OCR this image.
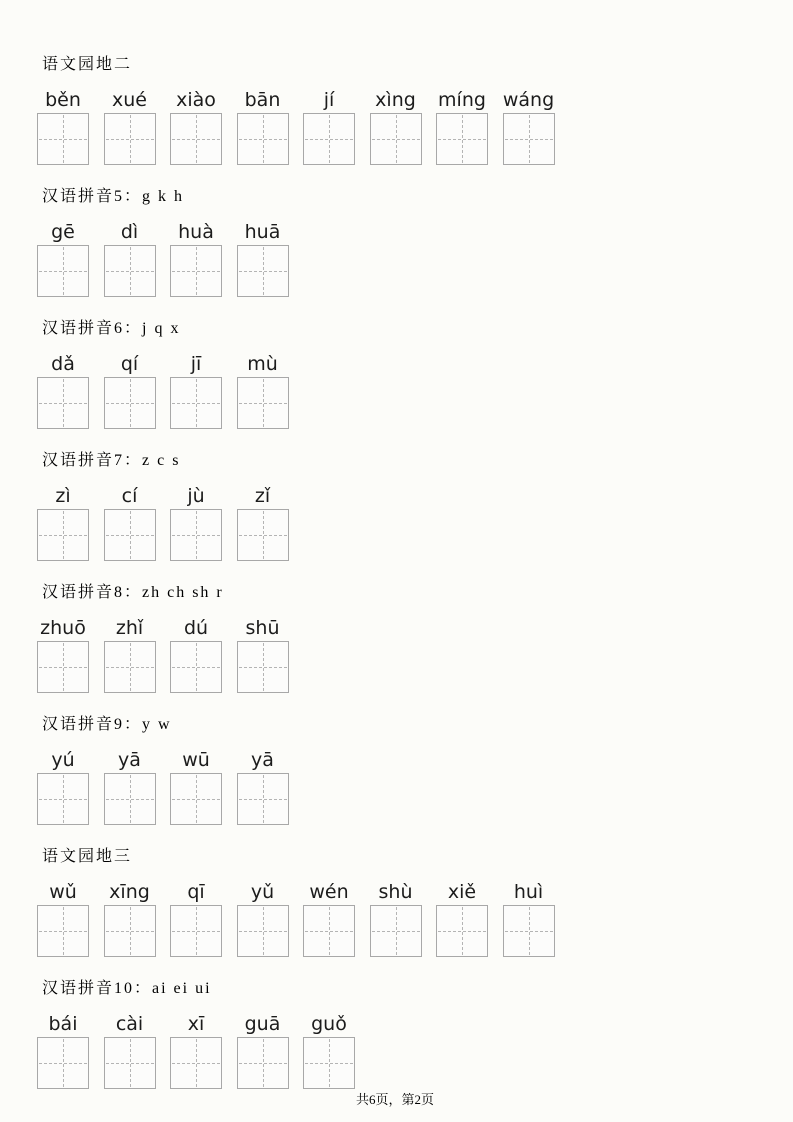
语文园地二
běn	xué	xiào	bān	jí	xìng míng wáng
汉语拼音5：g k h
gē	dì	huà	huā
汉语拼音6：j q x
dǎ	qí	jī	mù
汉语拼音7：z c s
zì	cí	jù	zǐ
汉语拼音8：zh ch sh r
zhuō	zhǐ	dú	shū
汉语拼音9：y w
yú	yā	wū	yā
语文园地三
wǔ	xīng	qī	yǔ	wén	shù	xiě	huì
汉语拼音10：ai ei ui
bái	cài	xī	guā	guǒ
共6页，第2页
